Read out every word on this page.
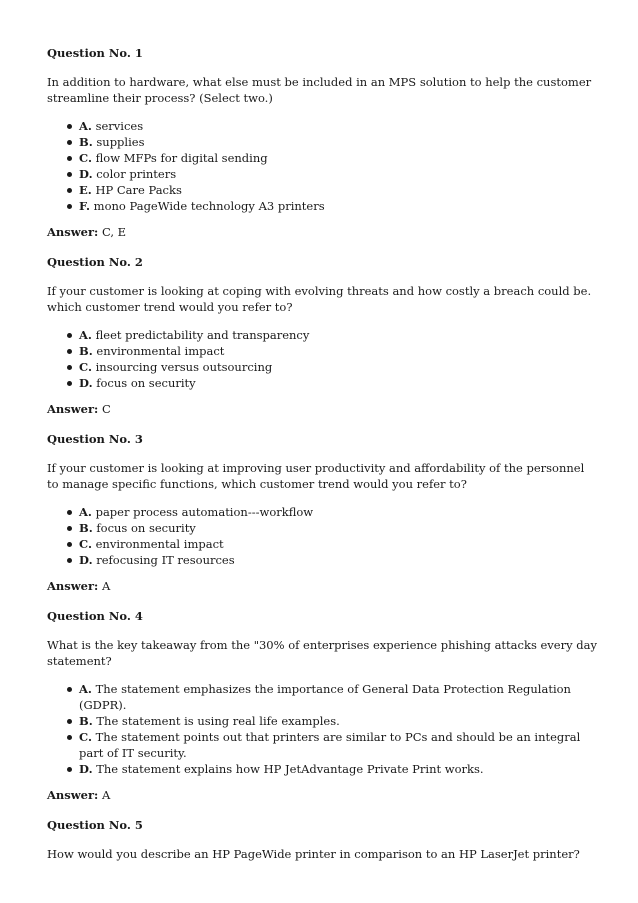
Question No. 1
In addition to hardware, what else must be included in an MPS solution to help the customer streamline their process? (Select two.)
A. services
B. supplies
C. flow MFPs for digital sending
D. color printers
E. HP Care Packs
F. mono PageWide technology A3 printers
Answer: C, E
Question No. 2
If your customer is looking at coping with evolving threats and how costly a breach could be. which customer trend would you refer to?
A. fleet predictability and transparency
B. environmental impact
C. insourcing versus outsourcing
D. focus on security
Answer: C
Question No. 3
If your customer is looking at improving user productivity and affordability of the personnel to manage specific functions, which customer trend would you refer to?
A. paper process automation---workflow
B. focus on security
C. environmental impact
D. refocusing IT resources
Answer: A
Question No. 4
What is the key takeaway from the "30% of enterprises experience phishing attacks every day statement?
A. The statement emphasizes the importance of General Data Protection Regulation (GDPR).
B. The statement is using real life examples.
C. The statement points out that printers are similar to PCs and should be an integral part of IT security.
D. The statement explains how HP JetAdvantage Private Print works.
Answer: A
Question No. 5
How would you describe an HP PageWide printer in comparison to an HP LaserJet printer?
